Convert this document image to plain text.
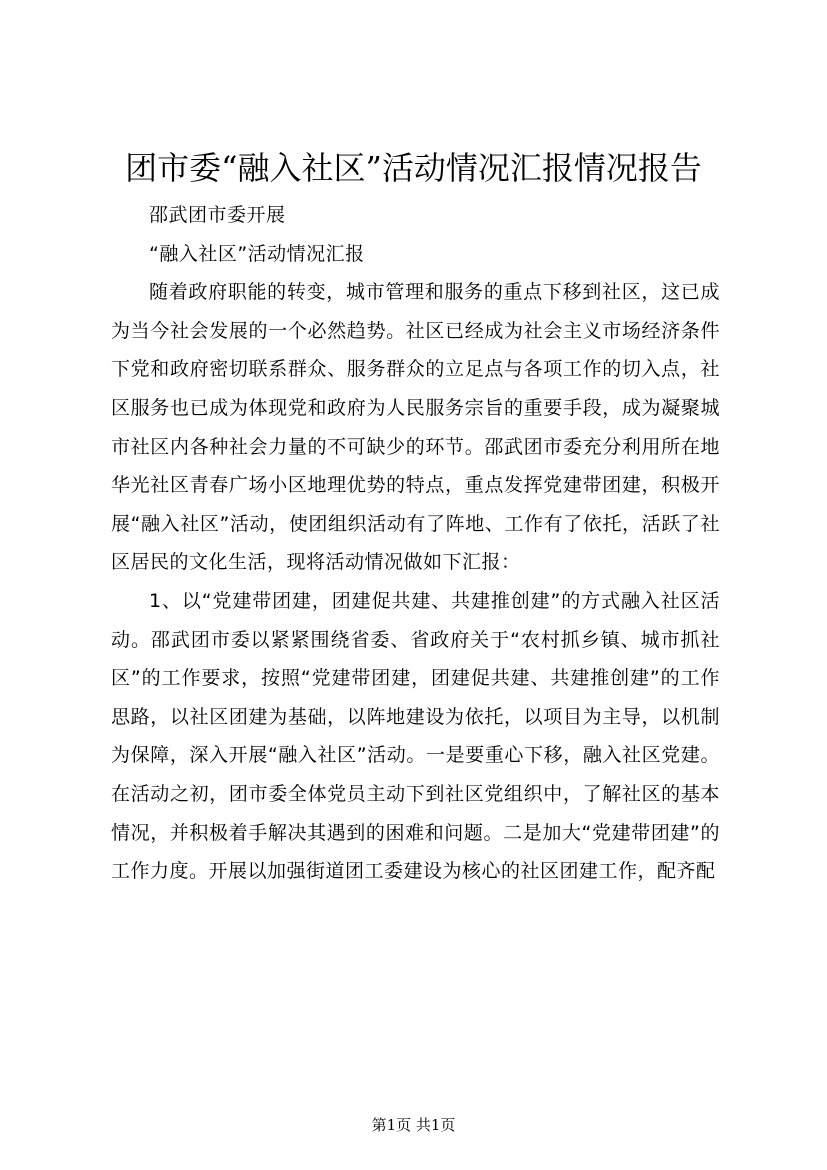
团市委“融入社区”活动情况汇报情况报告

邵武团市委开展

“融入社区”活动情况汇报

随着政府职能的转变，城市管理和服务的重点下移到社区，这已成为当今社会发展的一个必然趋势。社区已经成为社会主义市场经济条件下党和政府密切联系群众、服务群众的立足点与各项工作的切入点，社区服务也已成为体现党和政府为人民服务宗旨的重要手段，成为凝聚城市社区内各种社会力量的不可缺少的环节。邵武团市委充分利用所在地华光社区青春广场小区地理优势的特点，重点发挥党建带团建，积极开展“融入社区”活动，使团组织活动有了阵地、工作有了依托，活跃了社区居民的文化生活，现将活动情况做如下汇报：

1、以“党建带团建，团建促共建、共建推创建”的方式融入社区活动。邵武团市委以紧紧围绕省委、省政府关于“农村抓乡镇、城市抓社区”的工作要求，按照“党建带团建，团建促共建、共建推创建”的工作思路，以社区团建为基础，以阵地建设为依托，以项目为主导，以机制为保障，深入开展“融入社区”活动。一是要重心下移，融入社区党建。在活动之初，团市委全体党员主动下到社区党组织中，了解社区的基本情况，并积极着手解决其遇到的困难和问题。二是加大“党建带团建”的工作力度。开展以加强街道团工委建设为核心的社区团建工作，配齐配

第1页 共1页
